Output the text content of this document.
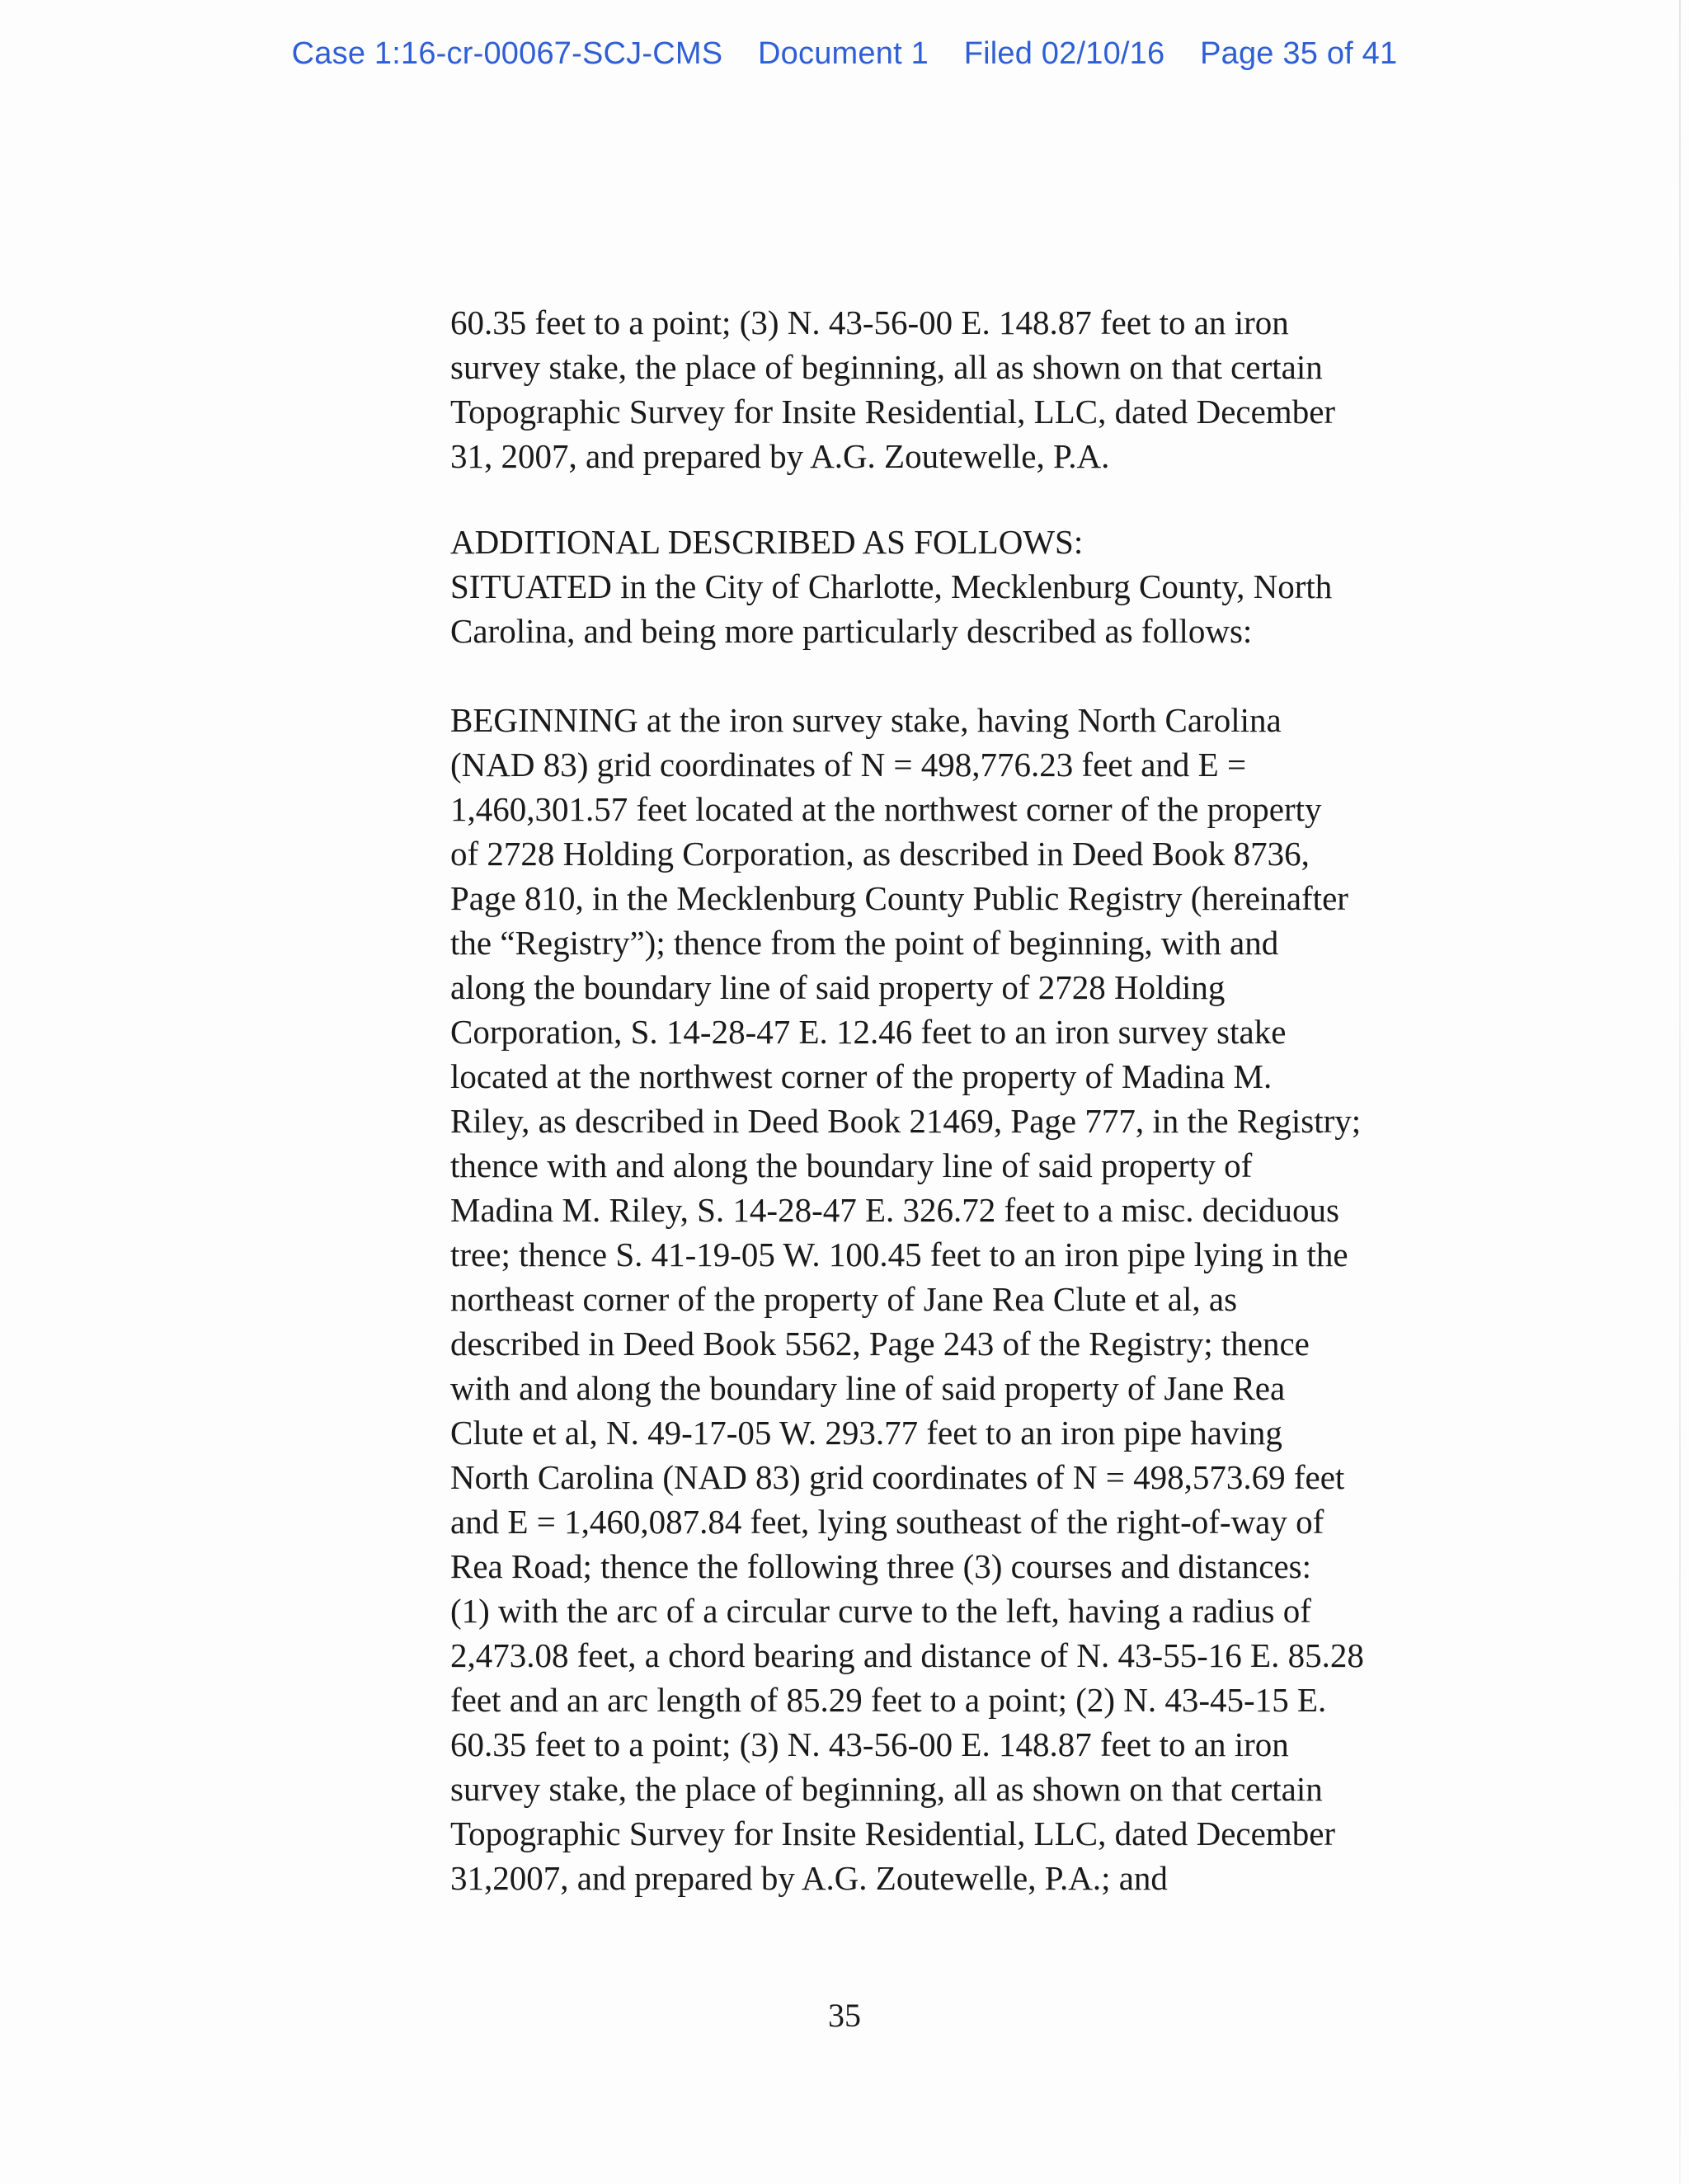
Case 1:16-cr-00067-SCJ-CMS Document 1 Filed 02/10/16 Page 35 of 41
60.35 feet to a point; (3) N. 43-56-00 E. 148.87 feet to an iron
survey stake, the place of beginning, all as shown on that certain
Topographic Survey for Insite Residential, LLC, dated December
31, 2007, and prepared by A.G. Zoutewelle, P.A.
ADDITIONAL DESCRIBED AS FOLLOWS:
SITUATED in the City of Charlotte, Mecklenburg County, North
Carolina, and being more particularly described as follows:
BEGINNING at the iron survey stake, having North Carolina
(NAD 83) grid coordinates of N = 498,776.23 feet and E =
1,460,301.57 feet located at the northwest corner of the property
of 2728 Holding Corporation, as described in Deed Book 8736,
Page 810, in the Mecklenburg County Public Registry (hereinafter
the “Registry”); thence from the point of beginning, with and
along the boundary line of said property of 2728 Holding
Corporation, S. 14-28-47 E. 12.46 feet to an iron survey stake
located at the northwest corner of the property of Madina M.
Riley, as described in Deed Book 21469, Page 777, in the Registry;
thence with and along the boundary line of said property of
Madina M. Riley, S. 14-28-47 E. 326.72 feet to a misc. deciduous
tree; thence S. 41-19-05 W. 100.45 feet to an iron pipe lying in the
northeast corner of the property of Jane Rea Clute et al, as
described in Deed Book 5562, Page 243 of the Registry; thence
with and along the boundary line of said property of Jane Rea
Clute et al, N. 49-17-05 W. 293.77 feet to an iron pipe having
North Carolina (NAD 83) grid coordinates of N = 498,573.69 feet
and E = 1,460,087.84 feet, lying southeast of the right-of-way of
Rea Road; thence the following three (3) courses and distances:
(1) with the arc of a circular curve to the left, having a radius of
2,473.08 feet, a chord bearing and distance of N. 43-55-16 E. 85.28
feet and an arc length of 85.29 feet to a point; (2) N. 43-45-15 E.
60.35 feet to a point; (3) N. 43-56-00 E. 148.87 feet to an iron
survey stake, the place of beginning, all as shown on that certain
Topographic Survey for Insite Residential, LLC, dated December
31,2007, and prepared by A.G. Zoutewelle, P.A.; and
35
